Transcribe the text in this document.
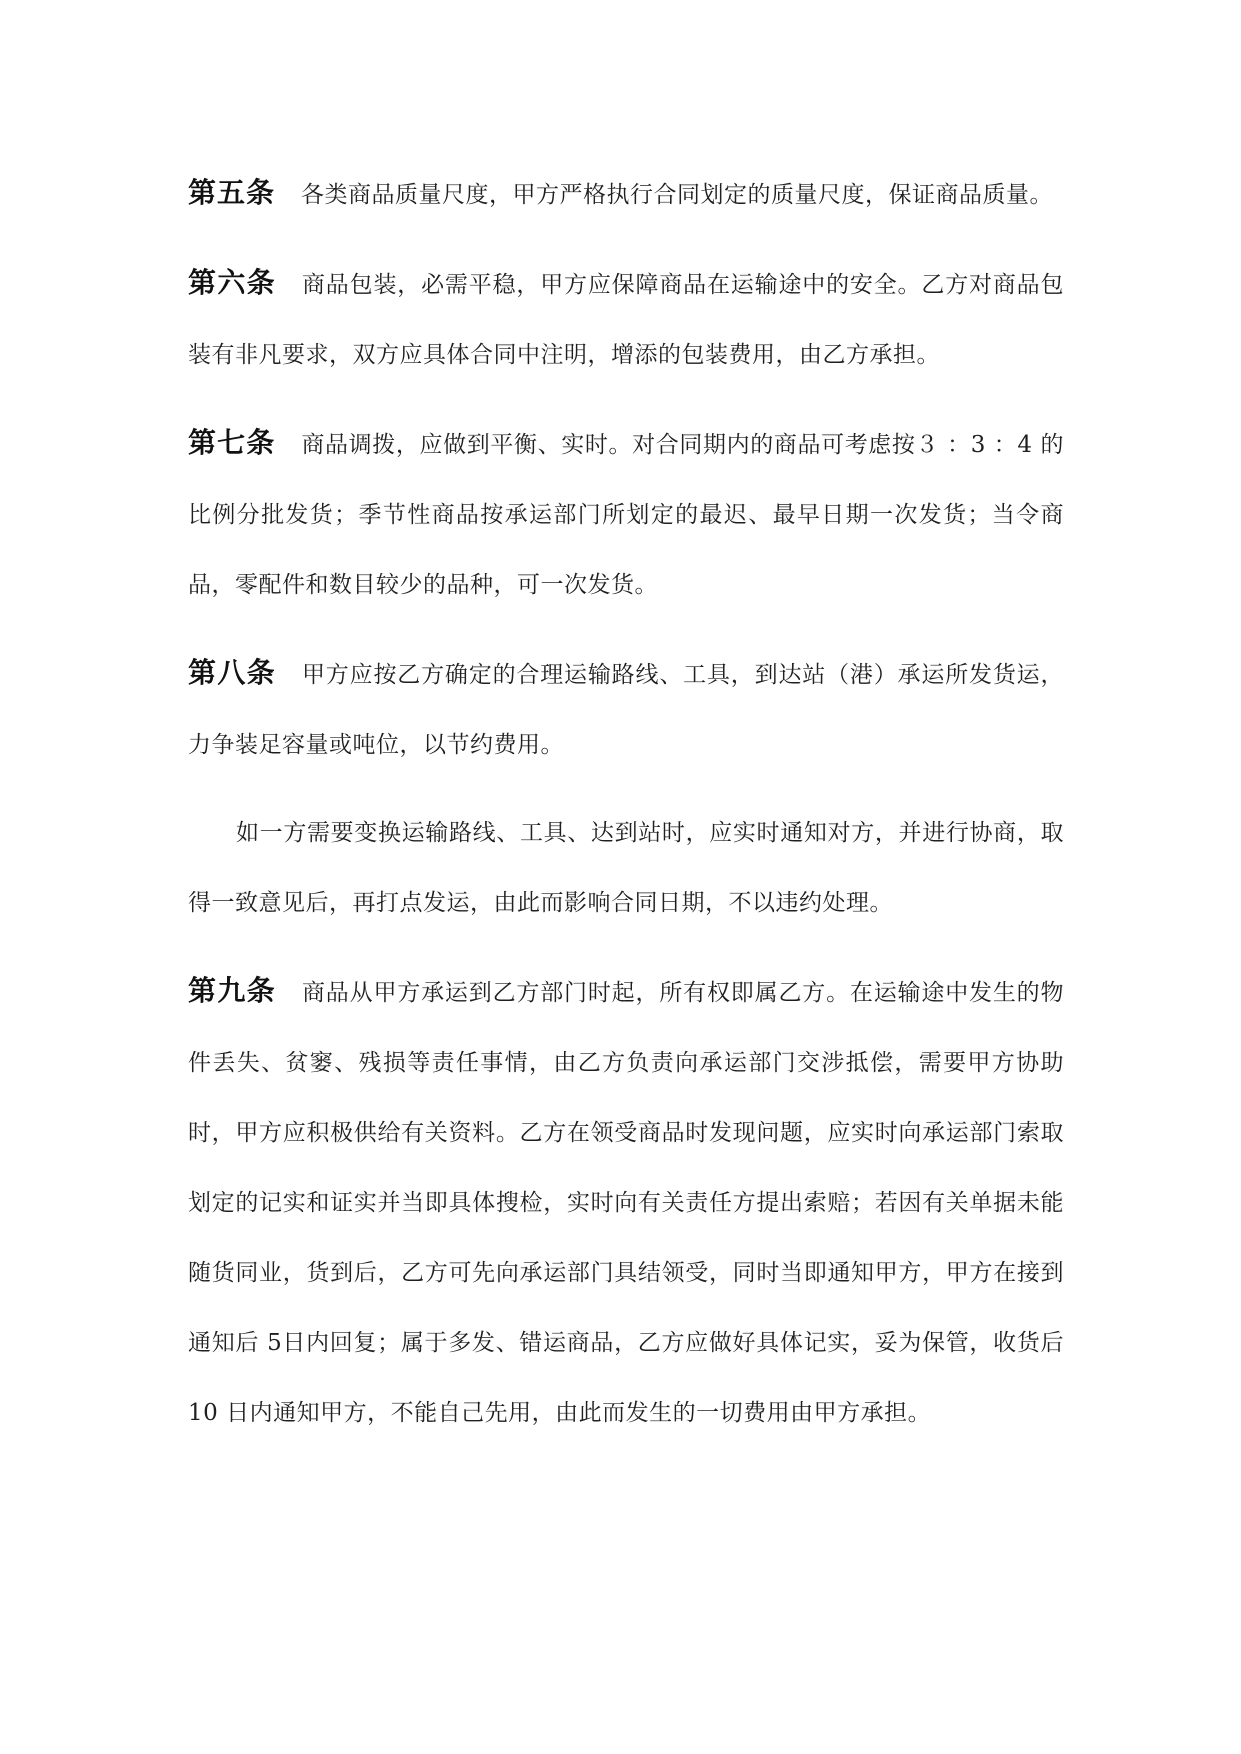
第五条 各类商品质量尺度，甲方严格执行合同划定的质量尺度，保证商品质量。

第六条 商品包装，必需平稳，甲方应保障商品在运输途中的安全。乙方对商品包装有非凡要求，双方应具体合同中注明，增添的包装费用，由乙方承担。

第七条 商品调拨，应做到平衡、实时。对合同期内的商品可考虑按３ ：3 ：4 的比例分批发货；季节性商品按承运部门所划定的最迟、最早日期一次发货；当令商品，零配件和数目较少的品种，可一次发货。

第八条 甲方应按乙方确定的合理运输路线、工具，到达站（港）承运所发货运，力争装足容量或吨位，以节约费用。

如一方需要变换运输路线、工具、达到站时，应实时通知对方，并进行协商，取得一致意见后，再打点发运，由此而影响合同日期，不以违约处理。

第九条 商品从甲方承运到乙方部门时起，所有权即属乙方。在运输途中发生的物件丢失、贫窭、残损等责任事情，由乙方负责向承运部门交涉抵偿，需要甲方协助时，甲方应积极供给有关资料。乙方在领受商品时发现问题，应实时向承运部门索取划定的记实和证实并当即具体搜检，实时向有关责任方提出索赔；若因有关单据未能随货同业，货到后，乙方可先向承运部门具结领受，同时当即通知甲方，甲方在接到通知后 5日内回复；属于多发、错运商品，乙方应做好具体记实，妥为保管，收货后 10 日内通知甲方，不能自己先用，由此而发生的一切费用由甲方承担。
